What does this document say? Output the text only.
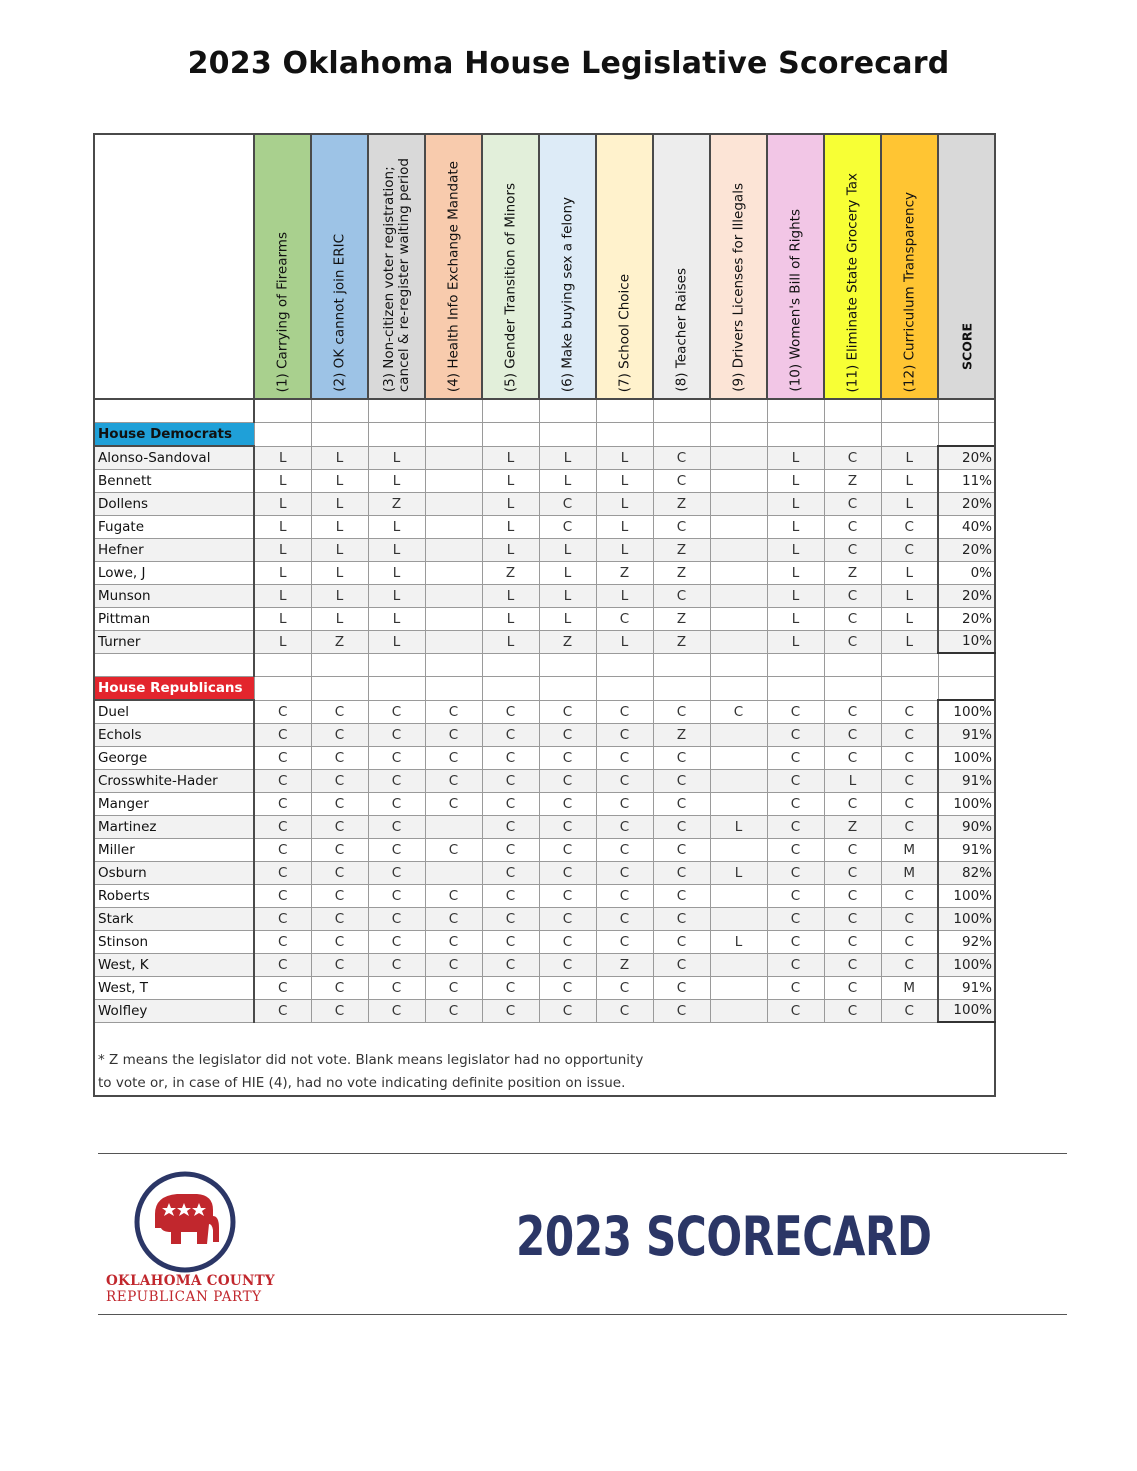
2023 Oklahoma House Legislative Scorecard

	(1) Carrying of Firearms	(2) OK cannot join ERIC	(3) Non-citizen voter registration;
cancel & re-register waiting period	(4) Health Info Exchange Mandate	(5) Gender Transition of Minors	(6) Make buying sex a felony	(7) School Choice	(8) Teacher Raises	(9) Drivers Licenses for Illegals	(10) Women's Bill of Rights	(11) Eliminate State Grocery Tax	(12) Curriculum Transparency	SCORE

House Democrats													

Alonso-Sandoval	L	L	L		L	L	L	C		L	C	L	20%
Bennett	L	L	L		L	L	L	C		L	Z	L	11%
Dollens	L	L	Z		L	C	L	Z		L	C	L	20%
Fugate	L	L	L		L	C	L	C		L	C	C	40%
Hefner	L	L	L		L	L	L	Z		L	C	C	20%
Lowe, J	L	L	L		Z	L	Z	Z		L	Z	L	0%
Munson	L	L	L		L	L	L	C		L	C	L	20%
Pittman	L	L	L		L	L	C	Z		L	C	L	20%
Turner	L	Z	L		L	Z	L	Z		L	C	L	10%

House Republicans													

Duel	C	C	C	C	C	C	C	C	C	C	C	C	100%
Echols	C	C	C	C	C	C	C	Z		C	C	C	91%
George	C	C	C	C	C	C	C	C		C	C	C	100%
Crosswhite-Hader	C	C	C	C	C	C	C	C		C	L	C	91%
Manger	C	C	C	C	C	C	C	C		C	C	C	100%
Martinez	C	C	C		C	C	C	C	L	C	Z	C	90%
Miller	C	C	C	C	C	C	C	C		C	C	M	91%
Osburn	C	C	C		C	C	C	C	L	C	C	M	82%
Roberts	C	C	C	C	C	C	C	C		C	C	C	100%
Stark	C	C	C	C	C	C	C	C		C	C	C	100%
Stinson	C	C	C	C	C	C	C	C	L	C	C	C	92%
West, K	C	C	C	C	C	C	Z	C		C	C	C	100%
West, T	C	C	C	C	C	C	C	C		C	C	M	91%
Wolfley	C	C	C	C	C	C	C	C		C	C	C	100%

* Z means the legislator did not vote. Blank means legislator had no opportunity
to vote or, in case of HIE (4), had no vote indicating definite position on issue.													
OKLAHOMA COUNTY
REPUBLICAN PARTY
2023 SCORECARD
